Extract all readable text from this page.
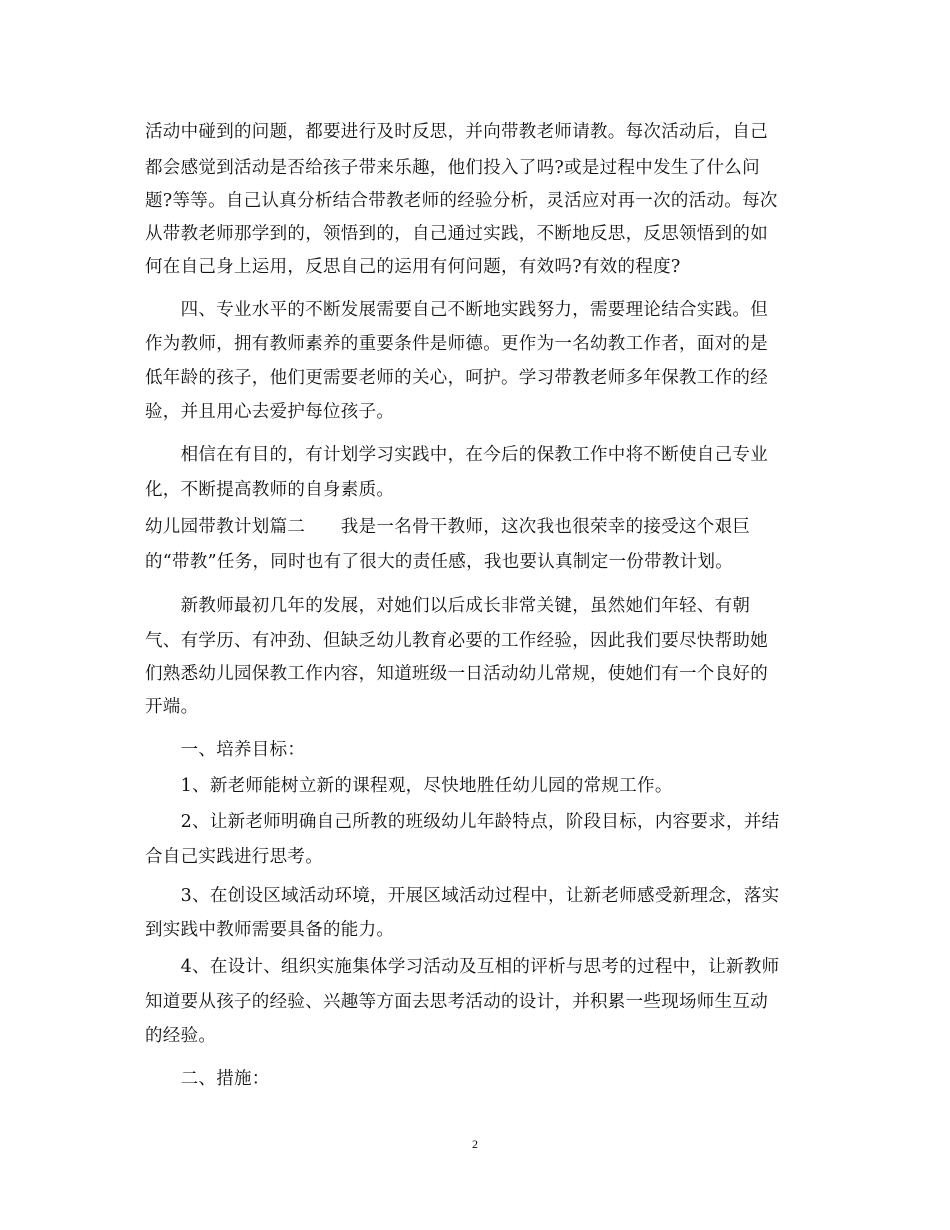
活动中碰到的问题，都要进行及时反思，并向带教老师请教。每次活动后，自己
都会感觉到活动是否给孩子带来乐趣，他们投入了吗?或是过程中发生了什么问
题?等等。自己认真分析结合带教老师的经验分析，灵活应对再一次的活动。每次
从带教老师那学到的，领悟到的，自己通过实践，不断地反思，反思领悟到的如
何在自己身上运用，反思自己的运用有何问题，有效吗?有效的程度?
　　四、专业水平的不断发展需要自己不断地实践努力，需要理论结合实践。但
作为教师，拥有教师素养的重要条件是师德。更作为一名幼教工作者，面对的是
低年龄的孩子，他们更需要老师的关心，呵护。学习带教老师多年保教工作的经
验，并且用心去爱护每位孩子。
　　相信在有目的，有计划学习实践中，在今后的保教工作中将不断使自己专业
化，不断提高教师的自身素质。
幼儿园带教计划篇二　　我是一名骨干教师，这次我也很荣幸的接受这个艰巨
的“带教”任务，同时也有了很大的责任感，我也要认真制定一份带教计划。
　　新教师最初几年的发展，对她们以后成长非常关键，虽然她们年轻、有朝
气、有学历、有冲劲、但缺乏幼儿教育必要的工作经验，因此我们要尽快帮助她
们熟悉幼儿园保教工作内容，知道班级一日活动幼儿常规，使她们有一个良好的
开端。
　　一、培养目标：
　　1、新老师能树立新的课程观，尽快地胜任幼儿园的常规工作。
　　2、让新老师明确自己所教的班级幼儿年龄特点，阶段目标，内容要求，并结
合自己实践进行思考。
　　3、在创设区域活动环境，开展区域活动过程中，让新老师感受新理念，落实
到实践中教师需要具备的能力。
　　4、在设计、组织实施集体学习活动及互相的评析与思考的过程中，让新教师
知道要从孩子的经验、兴趣等方面去思考活动的设计，并积累一些现场师生互动
的经验。
　　二、措施：
2
